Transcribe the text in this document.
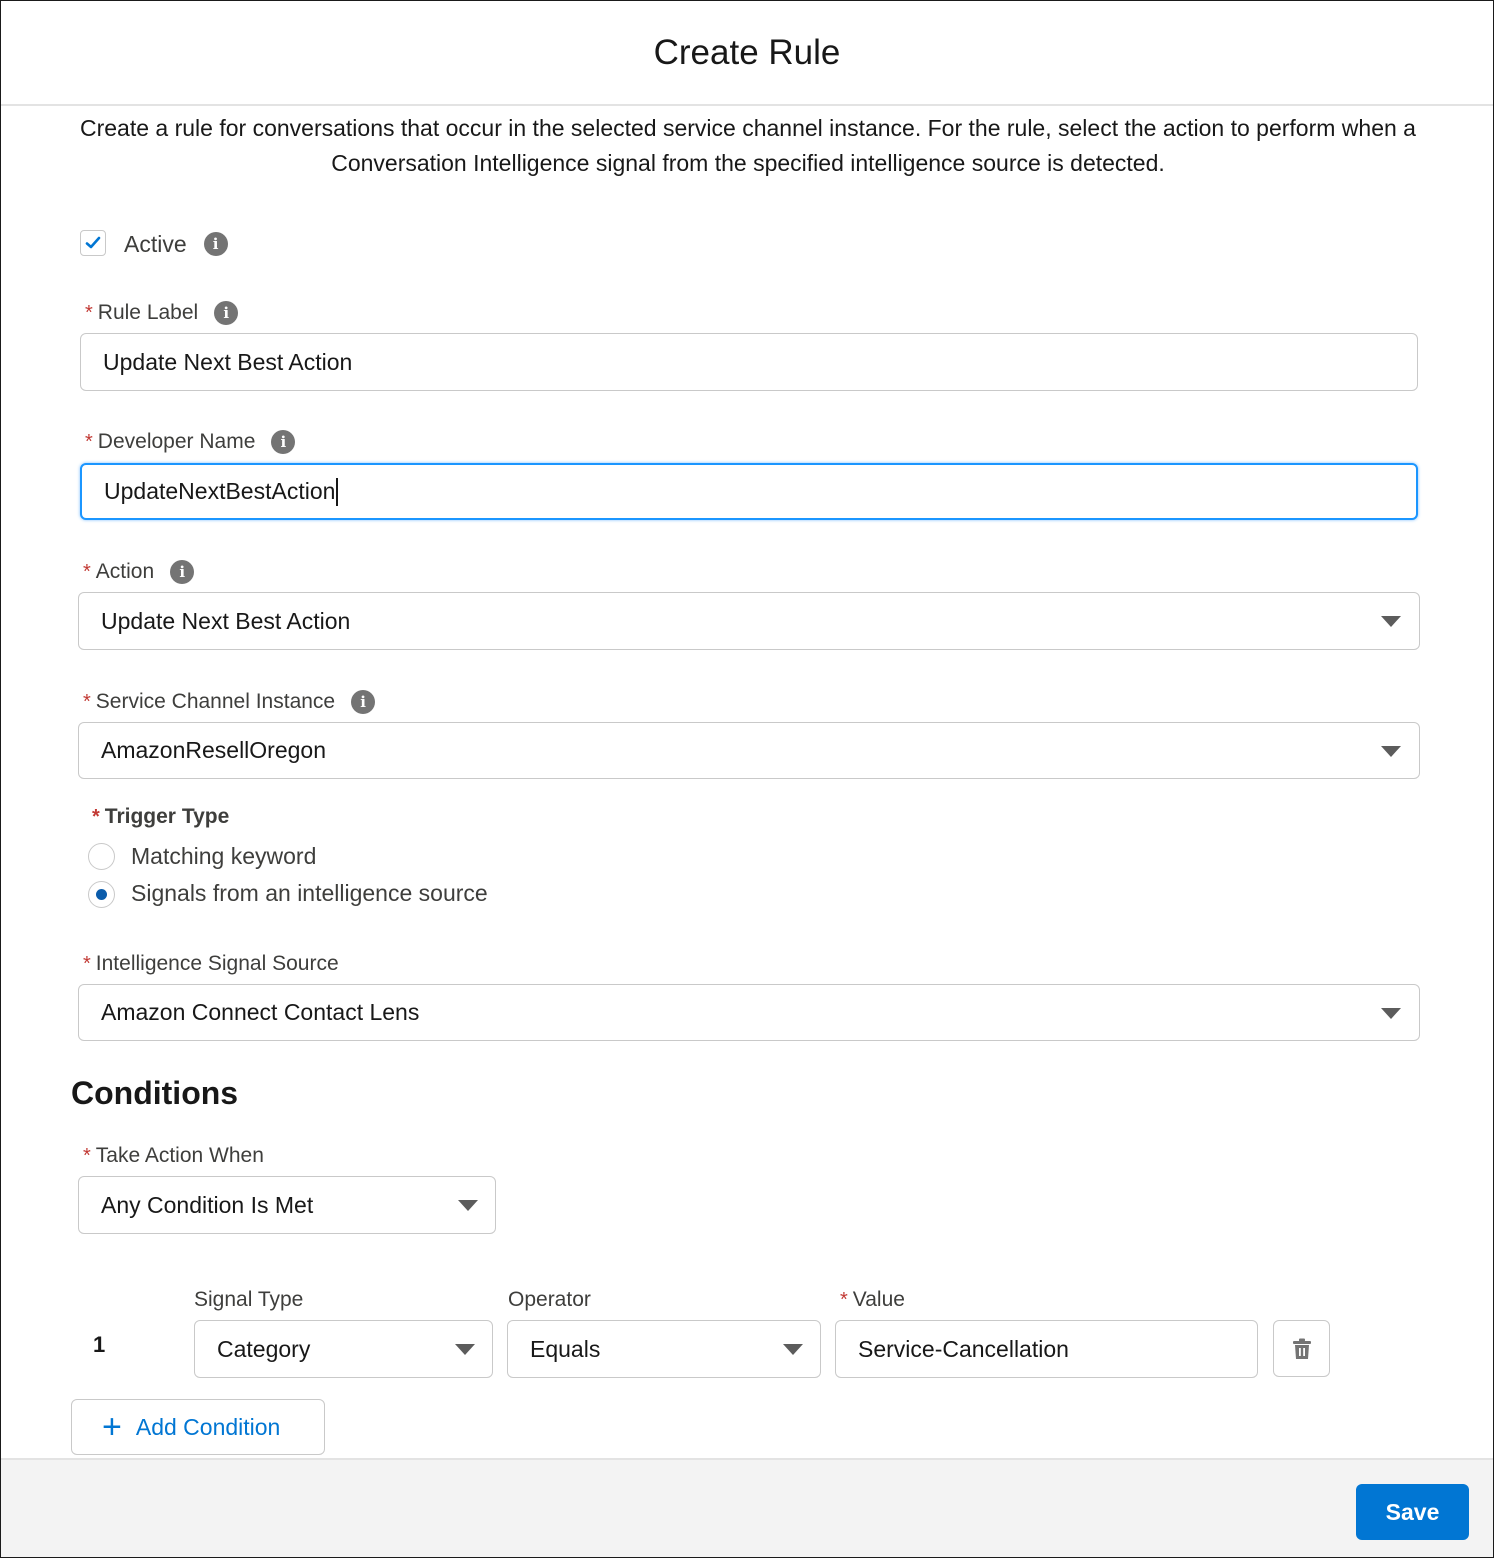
Create Rule
Create a rule for conversations that occur in the selected service channel instance. For the rule, select the action to perform when a Conversation Intelligence signal from the specified intelligence source is detected.
Active	i
* Rule Label	i
Update Next Best Action
* Developer Name	i
UpdateNextBestAction
* Action	i
Update Next Best Action
* Service Channel Instance	i
AmazonResellOregon
* Trigger Type
Matching keyword
Signals from an intelligence source
* Intelligence Signal Source
Amazon Connect Contact Lens
Conditions
* Take Action When
Any Condition Is Met
Signal Type	Operator	* Value
1	Category	Equals	Service-Cancellation
+ Add Condition
Save
